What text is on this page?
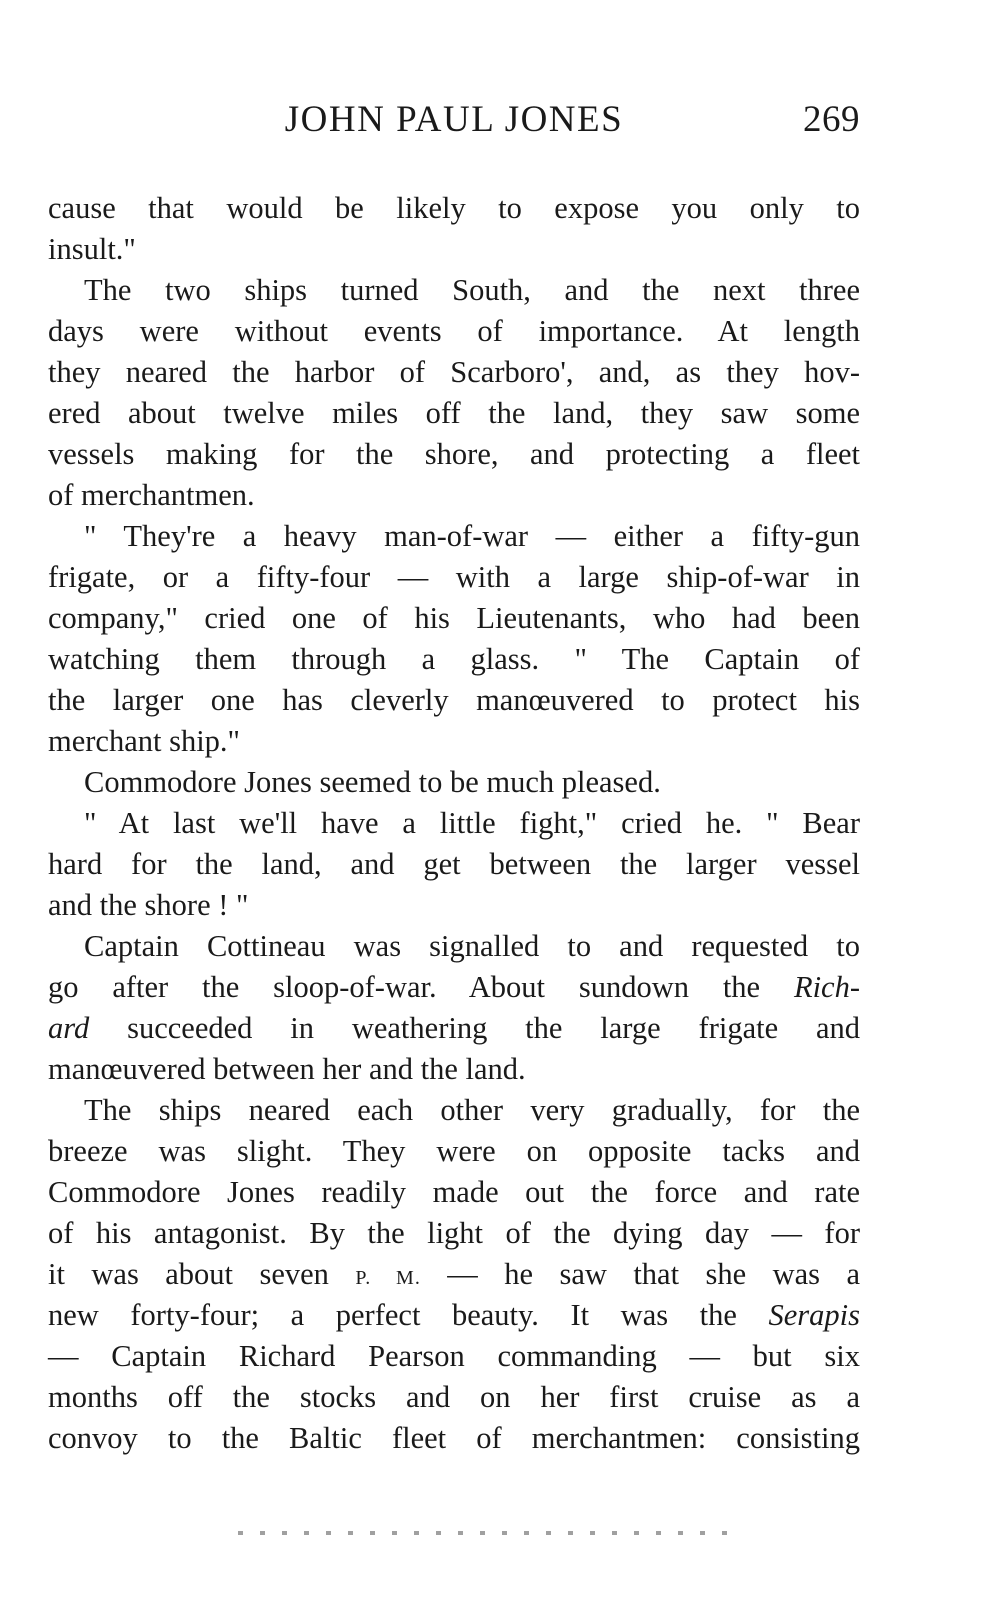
JOHN PAUL JONES	269
cause that would be likely to expose you only to
insult."
The two ships turned South, and the next three
days were without events of importance. At length
they neared the harbor of Scarboro', and, as they hov-
ered about twelve miles off the land, they saw some
vessels making for the shore, and protecting a fleet
of merchantmen.
" They're a heavy man-of-war — either a fifty-gun
frigate, or a fifty-four — with a large ship-of-war in
company," cried one of his Lieutenants, who had been
watching them through a glass. " The Captain of
the larger one has cleverly manœuvered to protect his
merchant ship."
Commodore Jones seemed to be much pleased.
" At last we'll have a little fight," cried he. " Bear
hard for the land, and get between the larger vessel
and the shore ! "
Captain Cottineau was signalled to and requested to
go after the sloop-of-war. About sundown the Rich-
ard succeeded in weathering the large frigate and
manœuvered between her and the land.
The ships neared each other very gradually, for the
breeze was slight. They were on opposite tacks and
Commodore Jones readily made out the force and rate
of his antagonist. By the light of the dying day — for
it was about seven P. M. — he saw that she was a
new forty-four; a perfect beauty. It was the Serapis
— Captain Richard Pearson commanding — but six
months off the stocks and on her first cruise as a
convoy to the Baltic fleet of merchantmen: consisting
